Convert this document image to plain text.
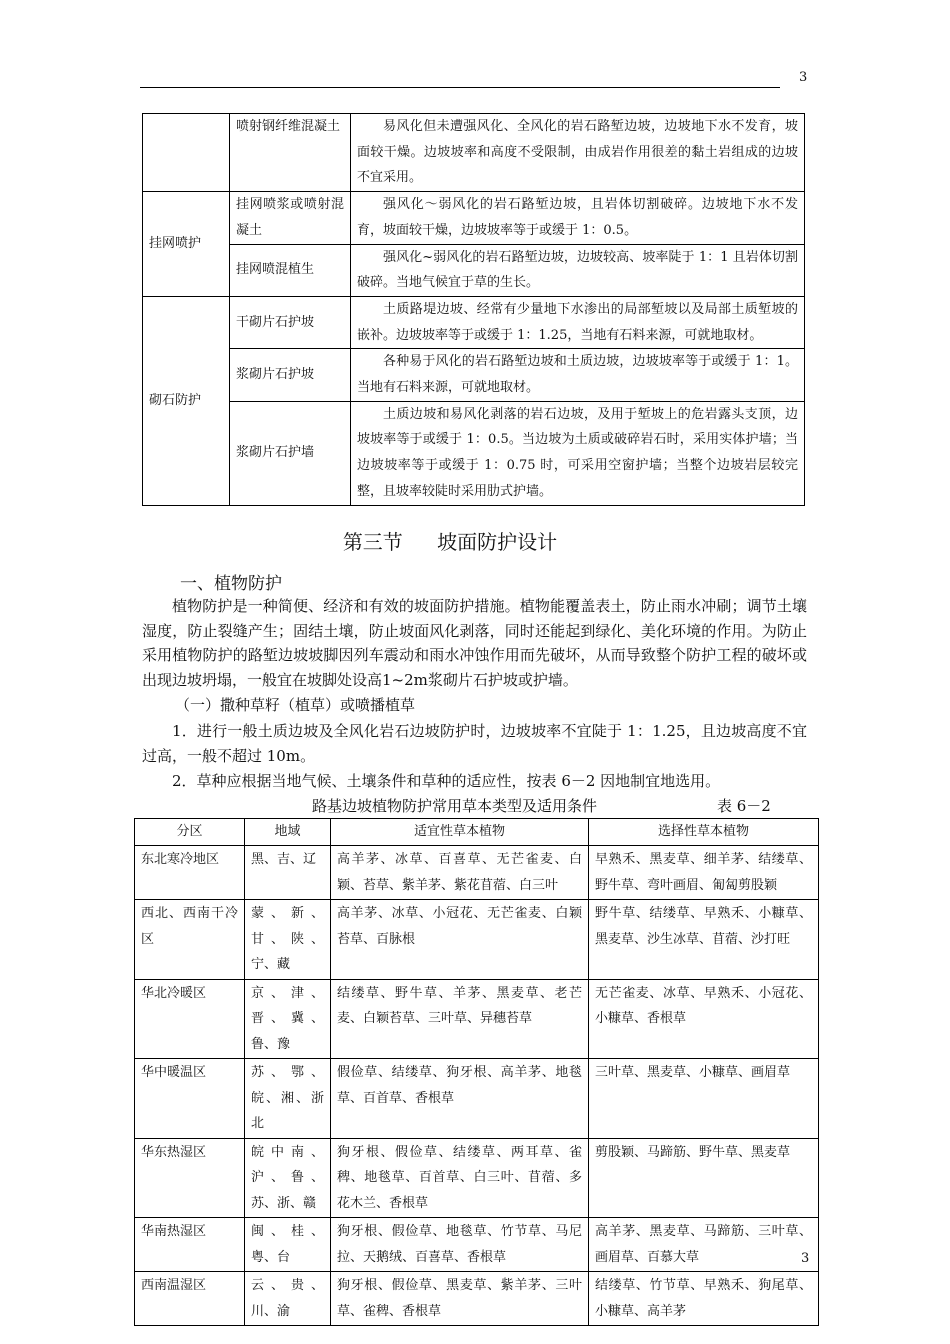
3
	喷射钢纤维混凝土	易风化但未遭强风化、全风化的岩石路堑边坡，边坡地下水不发育，坡面较干燥。边坡坡率和高度不受限制，由成岩作用很差的黏土岩组成的边坡不宜采用。
挂网喷护	挂网喷浆或喷射混凝土	强风化～弱风化的岩石路堑边坡，且岩体切割破碎。边坡地下水不发育，坡面较干燥，边坡坡率等于或缓于 1：0.5。
	挂网喷混植生	强风化~弱风化的岩石路堑边坡，边坡较高、坡率陡于 1：1 且岩体切割破碎。当地气候宜于草的生长。
砌石防护	干砌片石护坡	土质路堤边坡、经常有少量地下水渗出的局部堑坡以及局部土质堑坡的嵌补。边坡坡率等于或缓于 1：1.25，当地有石料来源，可就地取材。
	浆砌片石护坡	各种易于风化的岩石路堑边坡和土质边坡，边坡坡率等于或缓于 1：1。当地有石料来源，可就地取材。
	浆砌片石护墙	土质边坡和易风化剥落的岩石边坡，及用于堑坡上的危岩露头支顶，边坡坡率等于或缓于 1：0.5。当边坡为土质或破碎岩石时，采用实体护墙；当边坡坡率等于或缓于 1：0.75 时，可采用空窗护墙；当整个边坡岩层较完整，且坡率较陡时采用肋式护墙。
第三节 坡面防护设计
一、植物防护
植物防护是一种简便、经济和有效的坡面防护措施。植物能覆盖表土，防止雨水冲刷；调节土壤湿度，防止裂缝产生；固结土壤，防止坡面风化剥落，同时还能起到绿化、美化环境的作用。为防止采用植物防护的路堑边坡坡脚因列车震动和雨水冲蚀作用而先破坏，从而导致整个防护工程的破坏或出现边坡坍塌，一般宜在坡脚处设高1~2m浆砌片石护坡或护墙。
（一）撒种草籽（植草）或喷播植草
1．进行一般土质边坡及全风化岩石边坡防护时，边坡坡率不宜陡于 1：1.25，且边坡高度不宜过高，一般不超过 10m。
2．草种应根据当地气候、土壤条件和草种的适应性，按表 6－2 因地制宜地选用。
路基边坡植物防护常用草本类型及适用条件	表 6－2
分区	地域	适宜性草本植物	选择性草本植物
东北寒冷地区	黑、吉、辽	高羊茅、冰草、百喜草、无芒雀麦、白颖、苔草、紫羊茅、紫花苜蓿、白三叶	早熟禾、黑麦草、细羊茅、结缕草、野牛草、弯叶画眉、匍匐剪股颖
西北、西南干冷区	蒙、新、甘、陕、宁、藏	高羊茅、冰草、小冠花、无芒雀麦、白颖苔草、百脉根	野牛草、结缕草、早熟禾、小糠草、黑麦草、沙生冰草、苜蓿、沙打旺
华北冷暖区	京、津、晋、冀、鲁、豫	结缕草、野牛草、羊茅、黑麦草、老芒麦、白颖苔草、三叶草、异穗苔草	无芒雀麦、冰草、早熟禾、小冠花、小糠草、香根草
华中暖温区	苏、鄂、皖、湘、浙北	假俭草、结缕草、狗牙根、高羊茅、地毯草、百首草、香根草	三叶草、黑麦草、小糠草、画眉草
华东热湿区	皖中南、沪、鲁、苏、浙、赣	狗牙根、假俭草、结缕草、两耳草、雀稗、地毯草、百首草、白三叶、苜蓿、多花木兰、香根草	剪股颖、马蹄筋、野牛草、黑麦草
华南热湿区	闽、桂、粤、台	狗牙根、假俭草、地毯草、竹节草、马尼拉、天鹅绒、百喜草、香根草	高羊茅、黑麦草、马蹄筋、三叶草、画眉草、百慕大草
西南温湿区	云、贵、川、渝	狗牙根、假俭草、黑麦草、紫羊茅、三叶草、雀稗、香根草	结缕草、竹节草、早熟禾、狗尾草、小糠草、高羊茅
3
